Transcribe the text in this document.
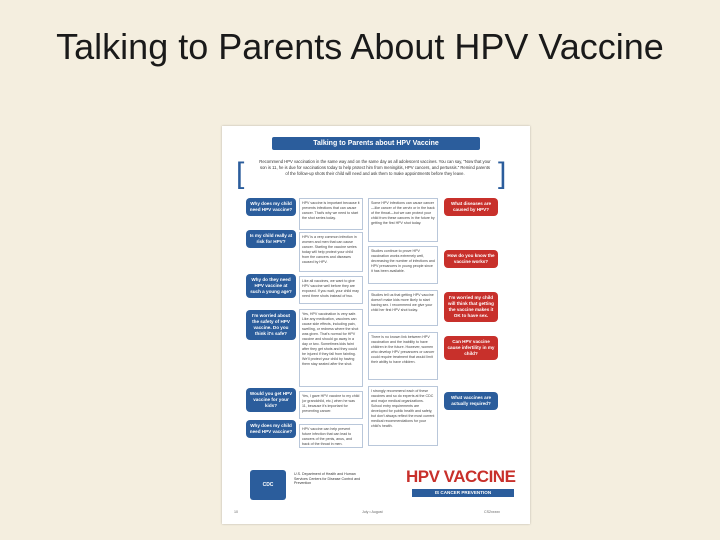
Talking to Parents About HPV Vaccine
Talking to Parents about HPV Vaccine
[	]
Recommend HPV vaccination in the same way and on the same day as all adolescent vaccines. You can say, "Now that your son is 11, he is due for vaccinations today to help protect him from meningitis, HPV cancers, and pertussis." Remind parents of the follow-up shots their child will need and ask them to make appointments before they leave.
Why does my child need HPV vaccine?
Is my child really at risk for HPV?
Why do they need HPV vaccine at such a young age?
I'm worried about the safety of HPV vaccine. Do you think it's safe?
Would you get HPV vaccine for your kids?
Why does my child need HPV vaccine?
HPV vaccine is important because it prevents infections that can cause cancer. That's why we need to start the shot series today.
HPV is a very common infection in women and men that can cause cancer. Starting the vaccine series today will help protect your child from the cancers and diseases caused by HPV.
Like all vaccines, we want to give HPV vaccine well before they are exposed. If you wait, your child may need three shots instead of two.
Yes, HPV vaccination is very safe. Like any medication, vaccines can cause side effects, including pain, swelling, or redness where the shot was given. That's normal for HPV vaccine and should go away in a day or two. Sometimes kids faint after they get shots and they could be injured if they fall from fainting. We'll protect your child by having them stay seated after the shot.
Yes, I gave HPV vaccine to my child (or grandchild, etc.) when he was 11, because it's important for preventing cancer.
HPV vaccine can help prevent future infection that can lead to cancers of the penis, anus, and back of the throat in men.
Some HPV infections can cause cancer—like cancer of the cervix or in the back of the throat—but we can protect your child from these cancers in the future by getting the first HPV shot today.
Studies continue to prove HPV vaccination works extremely well, decreasing the number of infections and HPV precancers in young people since it has been available.
Studies tell us that getting HPV vaccine doesn't make kids more likely to start having sex. I recommend we give your child her first HPV shot today.
There is no known link between HPV vaccination and the inability to have children in the future. However, women who develop HPV precancers or cancer could require treatment that would limit their ability to have children.
I strongly recommend each of these vaccines and so do experts at the CDC and major medical organizations. School entry requirements are developed for public health and safety, but don't always reflect the most current medical recommendations for your child's health.
What diseases are caused by HPV?
How do you know the vaccine works?
I'm worried my child will think that getting the vaccine makes it OK to have sex.
Can HPV vaccine cause infertility in my child?
What vaccines are actually required?
CDC
U.S. Department of Health and Human Services Centers for Disease Control and Prevention	HPV VACCINE
IS CANCER PREVENTION
10	July • August	CS2xxxxx
